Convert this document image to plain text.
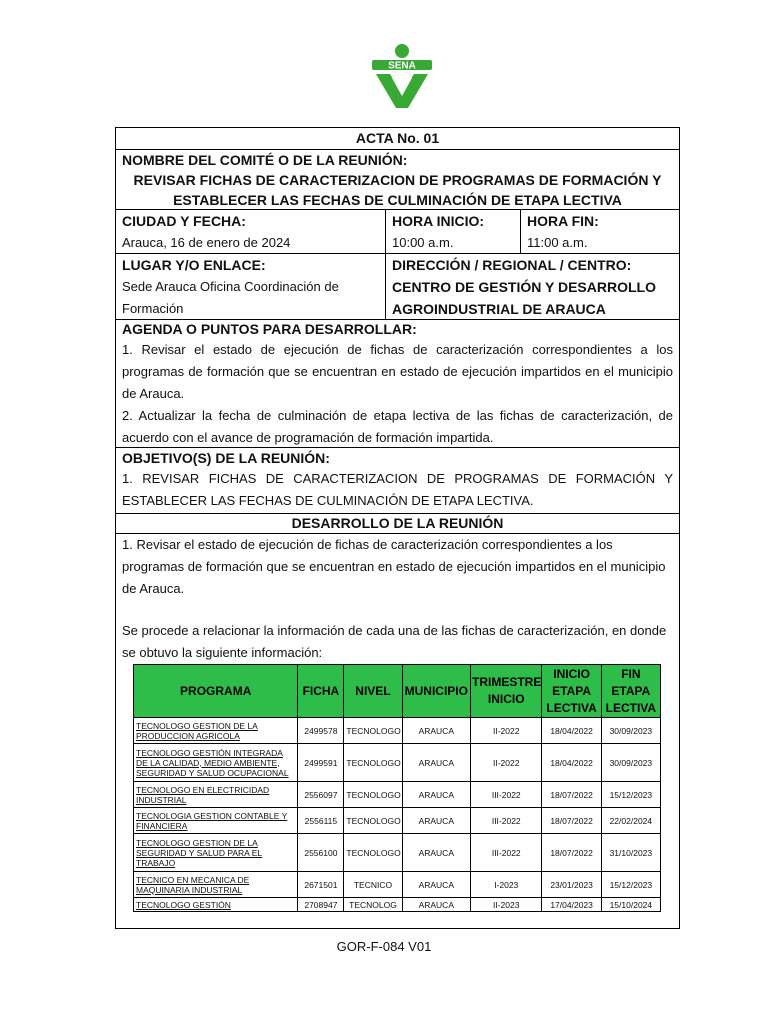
SENA
ACTA No. 01
NOMBRE DEL COMITÉ O DE LA REUNIÓN:
REVISAR FICHAS DE CARACTERIZACION DE PROGRAMAS DE FORMACIÓN Y ESTABLECER LAS FECHAS DE CULMINACIÓN DE ETAPA LECTIVA
CIUDAD Y FECHA:
Arauca, 16 de enero de 2024
HORA INICIO:
10:00 a.m.
HORA FIN:
11:00 a.m.
LUGAR Y/O ENLACE:
Sede Arauca Oficina Coordinación de Formación
DIRECCIÓN / REGIONAL / CENTRO:
CENTRO DE GESTIÓN Y DESARROLLO AGROINDUSTRIAL DE ARAUCA
AGENDA O PUNTOS PARA DESARROLLAR:
1. Revisar el estado de ejecución de fichas de caracterización correspondientes a los programas de formación que se encuentran en estado de ejecución impartidos en el municipio de Arauca.
2. Actualizar la fecha de culminación de etapa lectiva de las fichas de caracterización, de acuerdo con el avance de programación de formación impartida.
OBJETIVO(S) DE LA REUNIÓN:
1. REVISAR FICHAS DE CARACTERIZACION DE PROGRAMAS DE FORMACIÓN Y ESTABLECER LAS FECHAS DE CULMINACIÓN DE ETAPA LECTIVA.
DESARROLLO DE LA REUNIÓN
1. Revisar el estado de ejecución de fichas de caracterización correspondientes a los programas de formación que se encuentran en estado de ejecución impartidos en el municipio de Arauca.
Se procede a relacionar la información de cada una de las fichas de caracterización, en donde se obtuvo la siguiente información:
PROGRAMA	FICHA	NIVEL	MUNICIPIO	TRIMESTRE INICIO	INICIO ETAPA LECTIVA	FIN ETAPA LECTIVA
TECNOLOGO GESTION DE LA PRODUCCION AGRICOLA	2499578	TECNOLOGO	ARAUCA	II-2022	18/04/2022	30/09/2023
TECNOLOGO GESTIÓN INTEGRADA DE LA CALIDAD, MEDIO AMBIENTE, SEGURIDAD Y SALUD OCUPACIONAL	2499591	TECNOLOGO	ARAUCA	II-2022	18/04/2022	30/09/2023
TECNOLOGO EN ELECTRICIDAD INDUSTRIAL	2556097	TECNOLOGO	ARAUCA	III-2022	18/07/2022	15/12/2023
TECNOLOGIA GESTION CONTABLE Y FINANCIERA	2556115	TECNOLOGO	ARAUCA	III-2022	18/07/2022	22/02/2024
TECNOLOGO GESTION DE LA SEGURIDAD Y SALUD PARA EL TRABAJO	2556100	TECNOLOGO	ARAUCA	III-2022	18/07/2022	31/10/2023
TECNICO EN MECANICA DE MAQUINARIA INDUSTRIAL	2671501	TECNICO	ARAUCA	I-2023	23/01/2023	15/12/2023
TECNOLOGO GESTIÓN	2708947	TECNOLOG	ARAUCA	II-2023	17/04/2023	15/10/2024
GOR-F-084 V01
